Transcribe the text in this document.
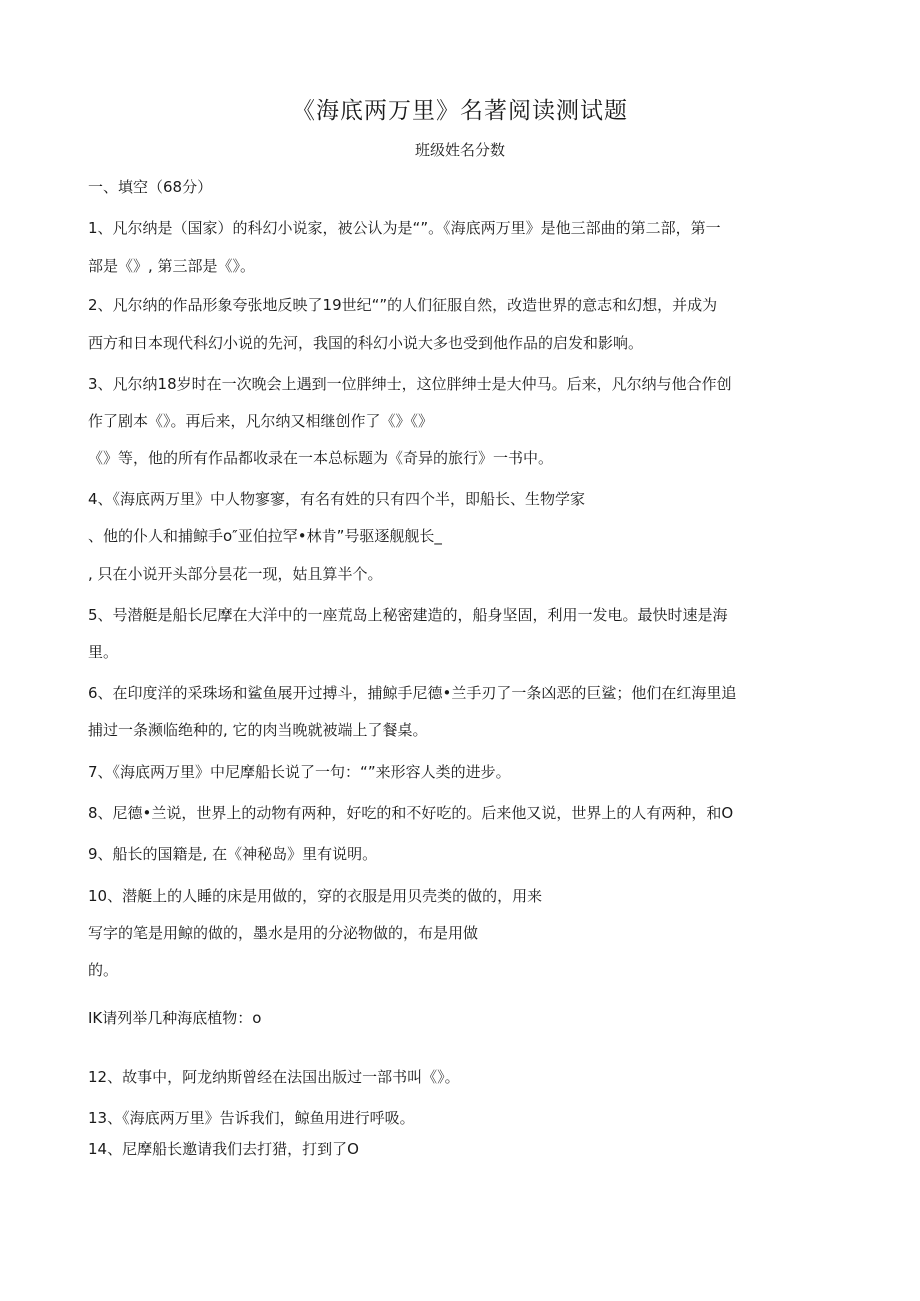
《海底两万里》名著阅读测试题
班级姓名分数
一、填空（68分）
1、凡尔纳是（国家）的科幻小说家，被公认为是“”。《海底两万里》是他三部曲的第二部，第一
部是《》, 第三部是《》。
2、凡尔纳的作品形象夸张地反映了19世纪“”的人们征服自然，改造世界的意志和幻想，并成为
西方和日本现代科幻小说的先河，我国的科幻小说大多也受到他作品的启发和影响。
3、凡尔纳18岁时在一次晚会上遇到一位胖绅士，这位胖绅士是大仲马。后来，凡尔纳与他合作创
作了剧本《》。再后来，凡尔纳又相继创作了《》《》
《》等，他的所有作品都收录在一本总标题为《奇异的旅行》一书中。
4、《海底两万里》中人物寥寥，有名有姓的只有四个半，即船长、生物学家
、他的仆人和捕鲸手o″亚伯拉罕•林肯”号驱逐舰舰长_
, 只在小说开头部分昙花一现，姑且算半个。
5、号潜艇是船长尼摩在大洋中的一座荒岛上秘密建造的，船身坚固，利用一发电。最快时速是海
里。
6、在印度洋的采珠场和鲨鱼展开过搏斗，捕鲸手尼德•兰手刃了一条凶恶的巨鲨；他们在红海里追
捕过一条濒临绝种的, 它的肉当晚就被端上了餐桌。
7、《海底两万里》中尼摩船长说了一句：“”来形容人类的进步。
8、尼德•兰说，世界上的动物有两种，好吃的和不好吃的。后来他又说，世界上的人有两种，和O
9、船长的国籍是, 在《神秘岛》里有说明。
10、潜艇上的人睡的床是用做的，穿的衣服是用贝壳类的做的，用来
写字的笔是用鲸的做的，墨水是用的分泌物做的，布是用做
的。
IK请列举几种海底植物：o
12、故事中，阿龙纳斯曾经在法国出版过一部书叫《》。
13、《海底两万里》告诉我们，鲸鱼用进行呼吸。
14、尼摩船长邀请我们去打猎，打到了O
